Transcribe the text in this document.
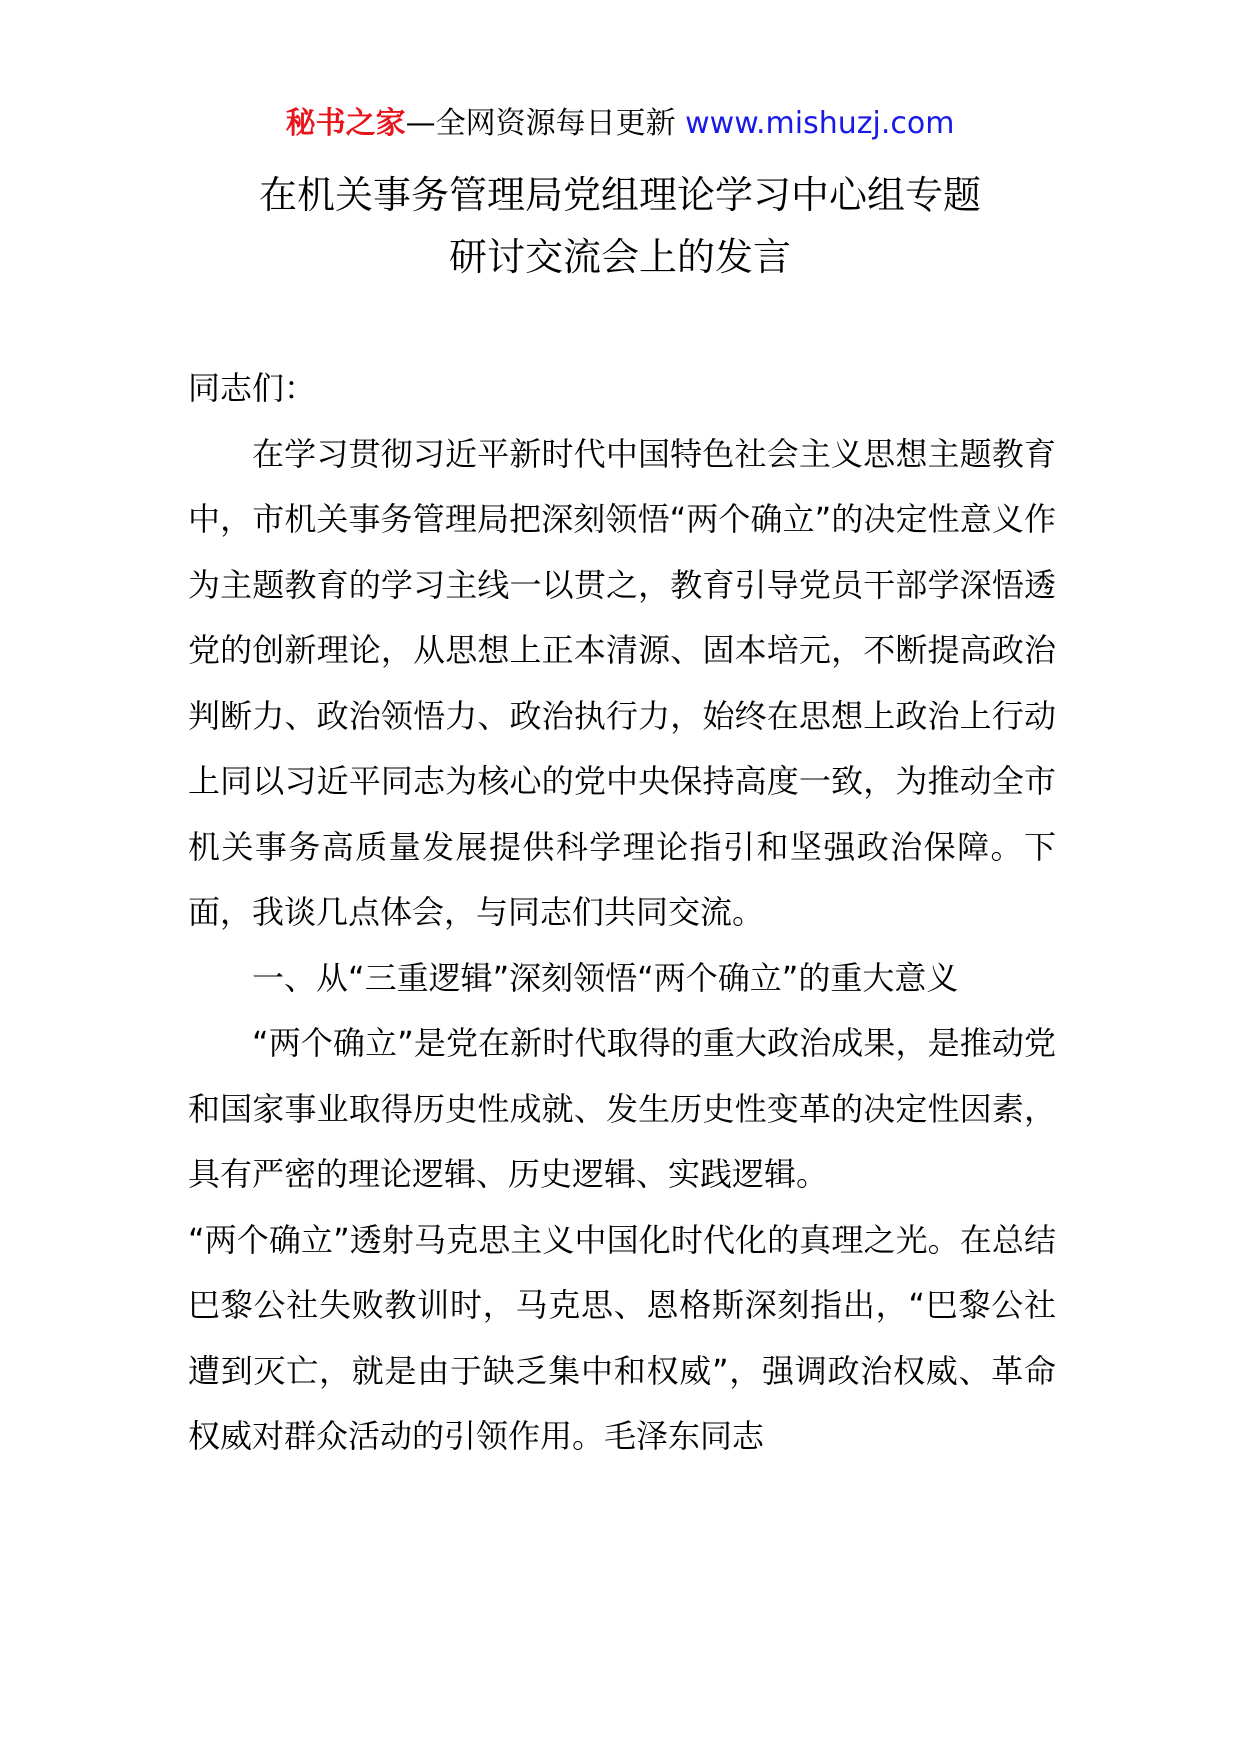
秘书之家—全网资源每日更新 www.mishuzj.com
在机关事务管理局党组理论学习中心组专题
研讨交流会上的发言

同志们：

在学习贯彻习近平新时代中国特色社会主义思想主题教育中，市机关事务管理局把深刻领悟“两个确立”的决定性意义作为主题教育的学习主线一以贯之，教育引导党员干部学深悟透党的创新理论，从思想上正本清源、固本培元，不断提高政治判断力、政治领悟力、政治执行力，始终在思想上政治上行动上同以习近平同志为核心的党中央保持高度一致，为推动全市机关事务高质量发展提供科学理论指引和坚强政治保障。下面，我谈几点体会，与同志们共同交流。

一、从“三重逻辑”深刻领悟“两个确立”的重大意义

“两个确立”是党在新时代取得的重大政治成果，是推动党和国家事业取得历史性成就、发生历史性变革的决定性因素，具有严密的理论逻辑、历史逻辑、实践逻辑。

“两个确立”透射马克思主义中国化时代化的真理之光。在总结巴黎公社失败教训时，马克思、恩格斯深刻指出，“巴黎公社遭到灭亡，就是由于缺乏集中和权威”，强调政治权威、革命权威对群众活动的引领作用。毛泽东同志
